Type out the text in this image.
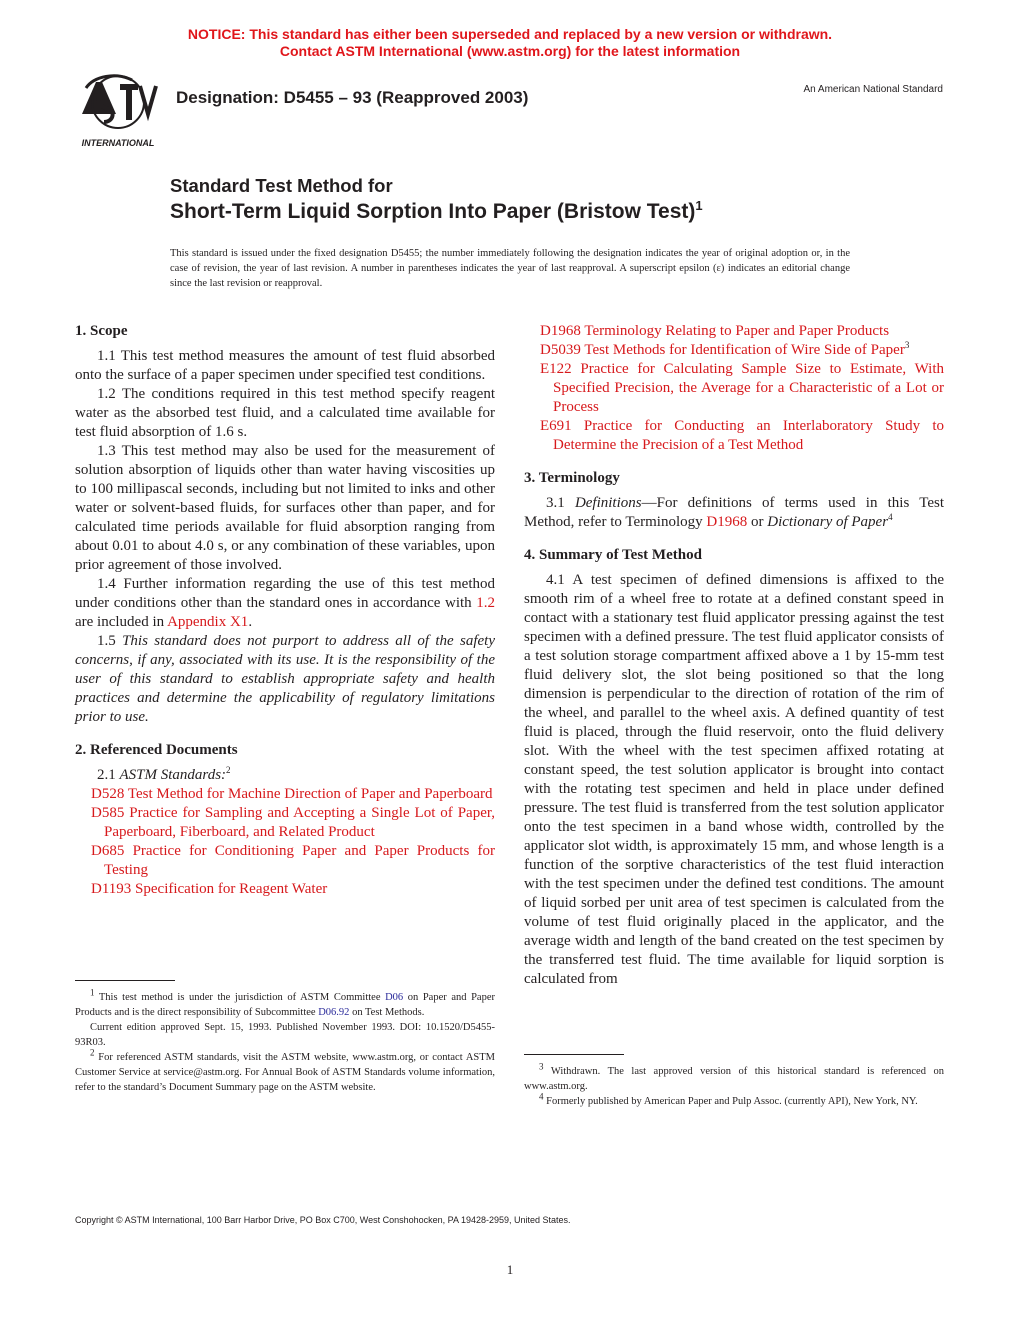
NOTICE: This standard has either been superseded and replaced by a new version or withdrawn.
Contact ASTM International (www.astm.org) for the latest information
INTERNATIONAL
Designation: D5455 – 93 (Reapproved 2003)	An American National Standard
Standard Test Method for
Short-Term Liquid Sorption Into Paper (Bristow Test)$^1$
This standard is issued under the fixed designation D5455; the number immediately following the designation indicates the year of original adoption or, in the case of revision, the year of last revision. A number in parentheses indicates the year of last reapproval. A superscript epsilon (ε) indicates an editorial change since the last revision or reapproval.
1. Scope

1.1 This test method measures the amount of test fluid absorbed onto the surface of a paper specimen under specified test conditions.

1.2 The conditions required in this test method specify reagent water as the absorbed test fluid, and a calculated time available for test fluid absorption of 1.6 s.

1.3 This test method may also be used for the measurement of solution absorption of liquids other than water having viscosities up to 100 millipascal seconds, including but not limited to inks and other water or solvent-based fluids, for surfaces other than paper, and for calculated time periods available for fluid absorption ranging from about 0.01 to about 4.0 s, or any combination of these variables, upon prior agreement of those involved.

1.4 Further information regarding the use of this test method under conditions other than the standard ones in accordance with 1.2 are included in Appendix X1.

1.5 This standard does not purport to address all of the safety concerns, if any, associated with its use. It is the responsibility of the user of this standard to establish appropriate safety and health practices and determine the applicability of regulatory limitations prior to use.

2. Referenced Documents

2.1 ASTM Standards:$^2$

D528 Test Method for Machine Direction of Paper and Paperboard

D585 Practice for Sampling and Accepting a Single Lot of Paper, Paperboard, Fiberboard, and Related Product

D685 Practice for Conditioning Paper and Paper Products for Testing

D1193 Specification for Reagent Water

D1968 Terminology Relating to Paper and Paper Products

D5039 Test Methods for Identification of Wire Side of Paper$^3$

E122 Practice for Calculating Sample Size to Estimate, With Specified Precision, the Average for a Characteristic of a Lot or Process

E691 Practice for Conducting an Interlaboratory Study to Determine the Precision of a Test Method

3. Terminology

3.1 Definitions—For definitions of terms used in this Test Method, refer to Terminology D1968 or Dictionary of Paper$^4$

4. Summary of Test Method

4.1 A test specimen of defined dimensions is affixed to the smooth rim of a wheel free to rotate at a defined constant speed in contact with a stationary test fluid applicator pressing against the test specimen with a defined pressure. The test fluid applicator consists of a test solution storage compartment affixed above a 1 by 15-mm test fluid delivery slot, the slot being positioned so that the long dimension is perpendicular to the direction of rotation of the rim of the wheel, and parallel to the wheel axis. A defined quantity of test fluid is placed, through the fluid reservoir, onto the fluid delivery slot. With the wheel with the test specimen affixed rotating at constant speed, the test solution applicator is brought into contact with the rotating test specimen and held in place under defined pressure. The test fluid is transferred from the test solution applicator onto the test specimen in a band whose width, controlled by the applicator slot width, is approximately 15 mm, and whose length is a function of the sorptive characteristics of the test fluid interaction with the test specimen under the defined test conditions. The amount of liquid sorbed per unit area of test specimen is calculated from the volume of test fluid originally placed in the applicator, and the average width and length of the band created on the test specimen by the transferred test fluid. The time available for liquid sorption is calculated from

$^1$ This test method is under the jurisdiction of ASTM Committee D06 on Paper and Paper Products and is the direct responsibility of Subcommittee D06.92 on Test Methods.

Current edition approved Sept. 15, 1993. Published November 1993. DOI: 10.1520/D5455-93R03.

$^2$ For referenced ASTM standards, visit the ASTM website, www.astm.org, or contact ASTM Customer Service at service@astm.org. For Annual Book of ASTM Standards volume information, refer to the standard’s Document Summary page on the ASTM website.

$^3$ Withdrawn. The last approved version of this historical standard is referenced on www.astm.org.

$^4$ Formerly published by American Paper and Pulp Assoc. (currently API), New York, NY.

Copyright © ASTM International, 100 Barr Harbor Drive, PO Box C700, West Conshohocken, PA 19428-2959, United States.
1
